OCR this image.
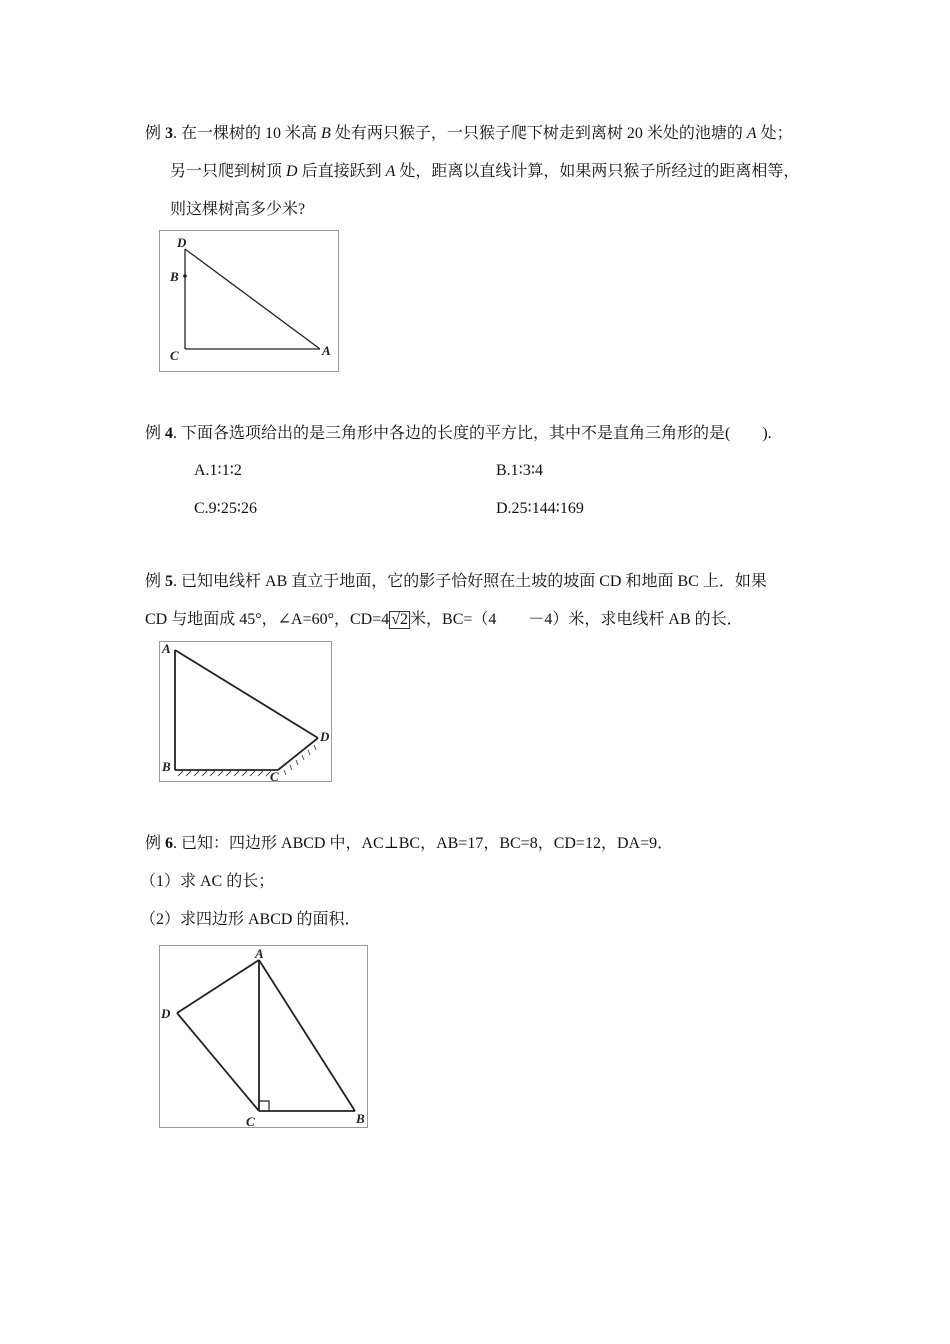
例 3. 在一棵树的 10 米高 B 处有两只猴子，一只猴子爬下树走到离树 20 米处的池塘的 A 处；
另一只爬到树顶 D 后直接跃到 A 处，距离以直线计算，如果两只猴子所经过的距离相等，
则这棵树高多少米?
D
B
C	A
例 4. 下面各选项给出的是三角形中各边的长度的平方比，其中不是直角三角形的是(　　).
A.1∶1∶2	B.1∶3∶4
C.9∶25∶26	D.25∶144∶169
例 5. 已知电线杆 AB 直立于地面，它的影子恰好照在土坡的坡面 CD 和地面 BC 上．如果
CD 与地面成 45°，∠A=60°，CD=4 √2 米，BC=（4　　－4）米，求电线杆 AB 的长．
A
B
C
D
例 6. 已知：四边形 ABCD 中，AC⊥BC，AB=17，BC=8，CD=12，DA=9．
（1）求 AC 的长；
（2）求四边形 ABCD 的面积．
A
B
C
D
